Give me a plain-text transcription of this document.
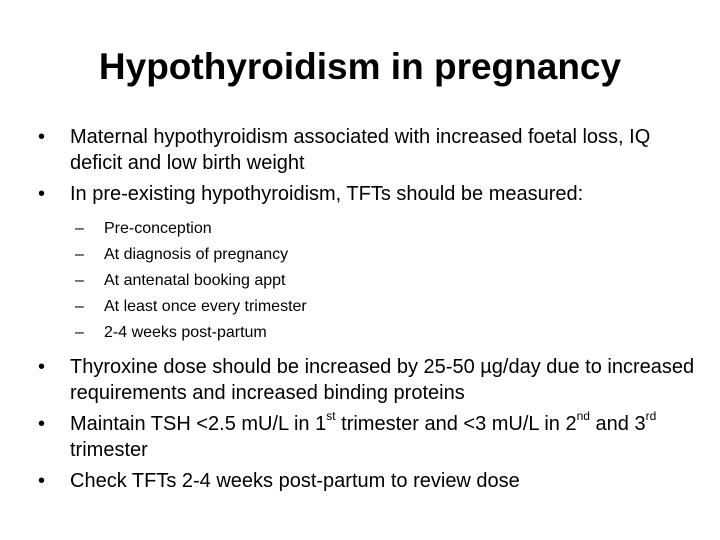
Hypothyroidism in pregnancy
•	Maternal hypothyroidism associated with increased foetal loss, IQ deficit and low birth weight
•	In pre-existing hypothyroidism, TFTs should be measured:
– Pre-conception
– At diagnosis of pregnancy
– At antenatal booking appt
– At least once every trimester
– 2-4 weeks post-partum
•	Thyroxine dose should be increased by 25-50 µg/day due to increased requirements and increased binding proteins
•	Maintain TSH <2.5 mU/L in 1st trimester and <3 mU/L in 2nd and 3rd trimester
•	Check TFTs 2-4 weeks post-partum to review dose
